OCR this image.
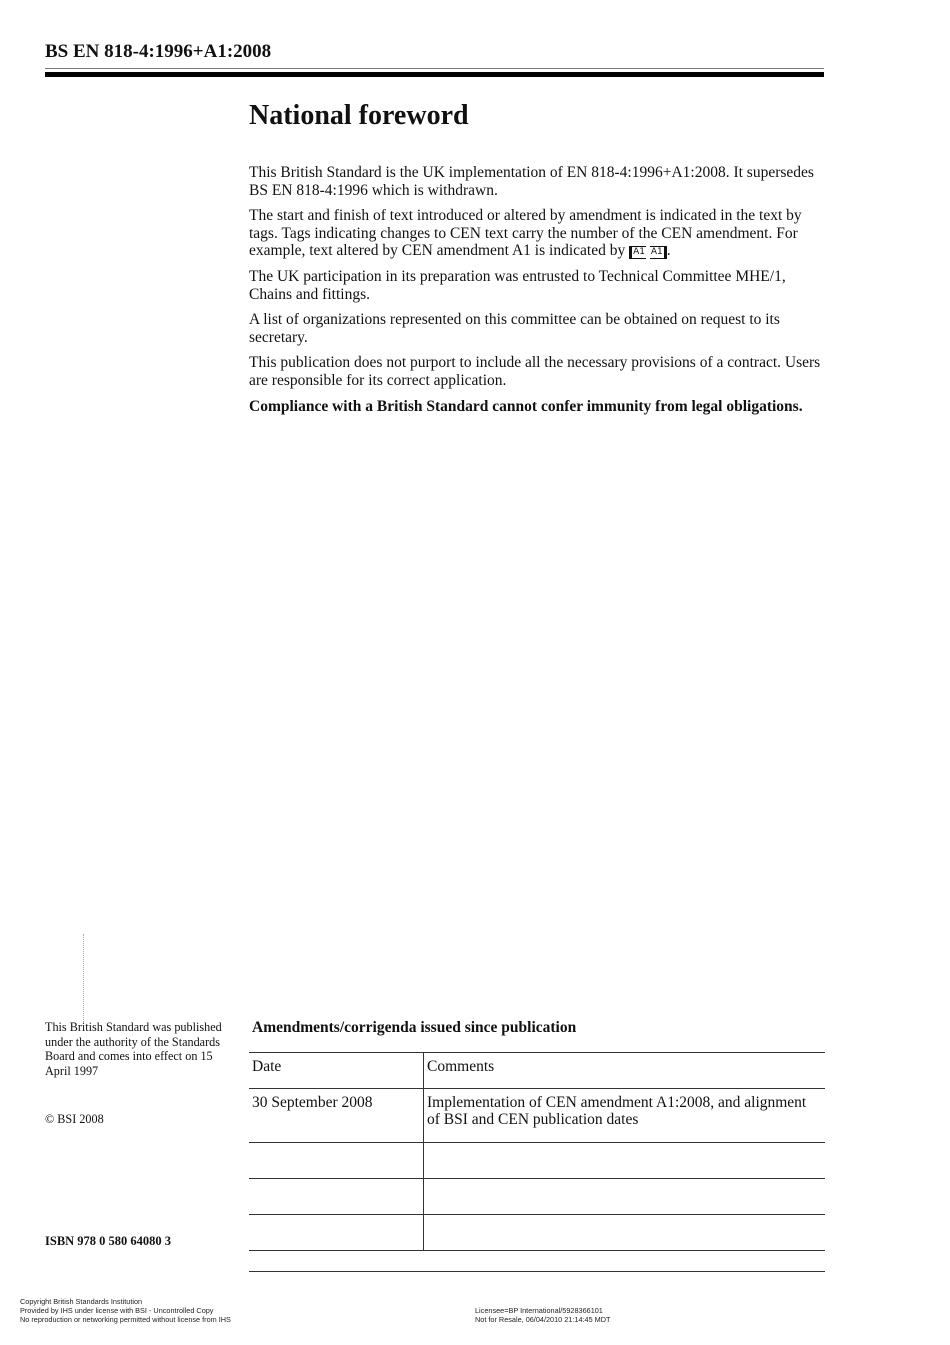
BS EN 818-4:1996+A1:2008
National foreword

This British Standard is the UK implementation of EN 818-4:1996+A1:2008. It supersedes BS EN 818-4:1996 which is withdrawn.

The start and finish of text introduced or altered by amendment is indicated in the text by tags. Tags indicating changes to CEN text carry the number of the CEN amendment. For example, text altered by CEN amendment A1 is indicated by A1 A1 .

The UK participation in its preparation was entrusted to Technical Committee MHE/1, Chains and fittings.

A list of organizations represented on this committee can be obtained on request to its secretary.

This publication does not purport to include all the necessary provisions of a contract. Users are responsible for its correct application.

Compliance with a British Standard cannot confer immunity from legal obligations.

This British Standard was published under the authority of the Standards Board and comes into effect on 15 April 1997
© BSI 2008
ISBN 978 0 580 64080 3
Amendments/corrigenda issued since publication
Date	Comments
30 September 2008	Implementation of CEN amendment A1:2008, and alignment of BSI and CEN publication dates

Copyright British Standards Institution
Provided by IHS under license with BSI - Uncontrolled Copy
No reproduction or networking permitted without license from IHS
Licensee=BP International/5928366101
Not for Resale, 06/04/2010 21:14:45 MDT
